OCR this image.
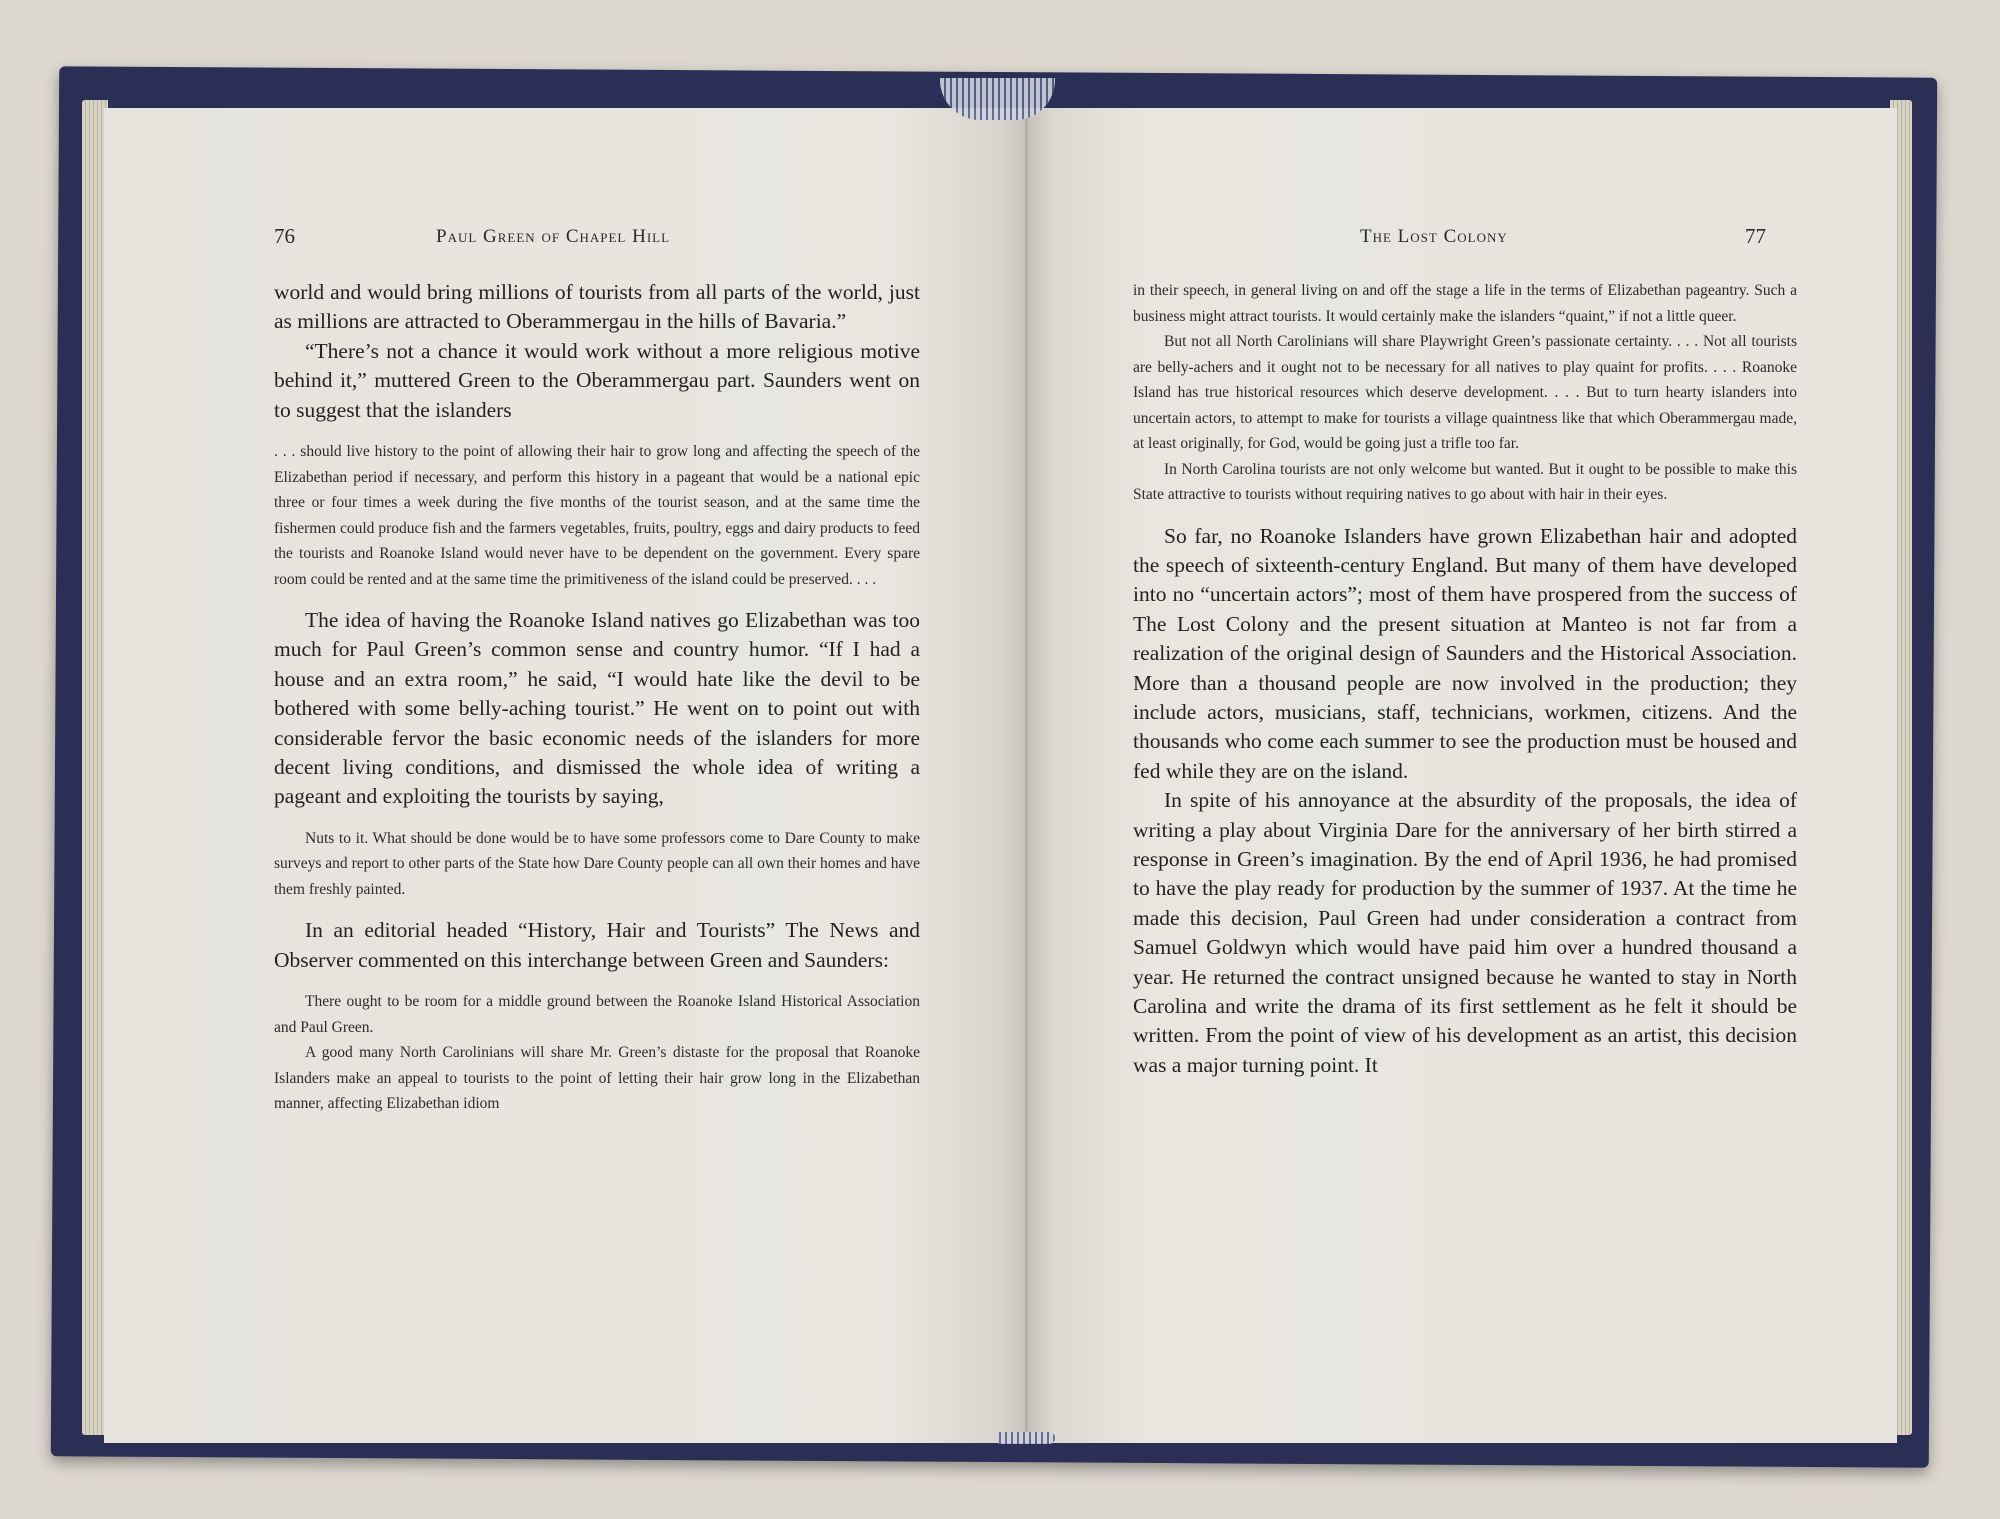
76	Paul Green of Chapel Hill

world and would bring millions of tourists from all parts of the world, just as millions are attracted to Oberammergau in the hills of Bavaria.”

“There’s not a chance it would work without a more religious motive behind it,” muttered Green to the Oberammergau part. Saunders went on to suggest that the islanders

. . . should live history to the point of allowing their hair to grow long and affecting the speech of the Elizabethan period if necessary, and perform this history in a pageant that would be a national epic three or four times a week during the five months of the tourist season, and at the same time the fishermen could produce fish and the farmers vegetables, fruits, poultry, eggs and dairy products to feed the tourists and Roanoke Island would never have to be dependent on the government. Every spare room could be rented and at the same time the primitiveness of the island could be preserved. . . .

The idea of having the Roanoke Island natives go Elizabethan was too much for Paul Green’s common sense and country humor. “If I had a house and an extra room,” he said, “I would hate like the devil to be bothered with some belly-aching tourist.” He went on to point out with considerable fervor the basic economic needs of the islanders for more decent living conditions, and dismissed the whole idea of writing a pageant and exploiting the tourists by saying,

Nuts to it. What should be done would be to have some professors come to Dare County to make surveys and report to other parts of the State how Dare County people can all own their homes and have them freshly painted.

In an editorial headed “History, Hair and Tourists” The News and Observer commented on this interchange between Green and Saunders:

There ought to be room for a middle ground between the Roanoke Island Historical Association and Paul Green.

A good many North Carolinians will share Mr. Green’s distaste for the proposal that Roanoke Islanders make an appeal to tourists to the point of letting their hair grow long in the Elizabethan manner, affecting Elizabethan idiom

The Lost Colony	77

in their speech, in general living on and off the stage a life in the terms of Elizabethan pageantry. Such a business might attract tourists. It would certainly make the islanders “quaint,” if not a little queer.

But not all North Carolinians will share Playwright Green’s passionate certainty. . . . Not all tourists are belly-achers and it ought not to be necessary for all natives to play quaint for profits. . . . Roanoke Island has true historical resources which deserve development. . . . But to turn hearty islanders into uncertain actors, to attempt to make for tourists a village quaintness like that which Oberammergau made, at least originally, for God, would be going just a trifle too far.

In North Carolina tourists are not only welcome but wanted. But it ought to be possible to make this State attractive to tourists without requiring natives to go about with hair in their eyes.

So far, no Roanoke Islanders have grown Elizabethan hair and adopted the speech of sixteenth-century England. But many of them have developed into no “uncertain actors”; most of them have prospered from the success of The Lost Colony and the present situation at Manteo is not far from a realization of the original design of Saunders and the Historical Association. More than a thousand people are now involved in the production; they include actors, musicians, staff, technicians, workmen, citizens. And the thousands who come each summer to see the production must be housed and fed while they are on the island.

In spite of his annoyance at the absurdity of the proposals, the idea of writing a play about Virginia Dare for the anniversary of her birth stirred a response in Green’s imagination. By the end of April 1936, he had promised to have the play ready for production by the summer of 1937. At the time he made this decision, Paul Green had under consideration a contract from Samuel Goldwyn which would have paid him over a hundred thousand a year. He returned the contract unsigned because he wanted to stay in North Carolina and write the drama of its first settlement as he felt it should be written. From the point of view of his development as an artist, this decision was a major turning point. It
